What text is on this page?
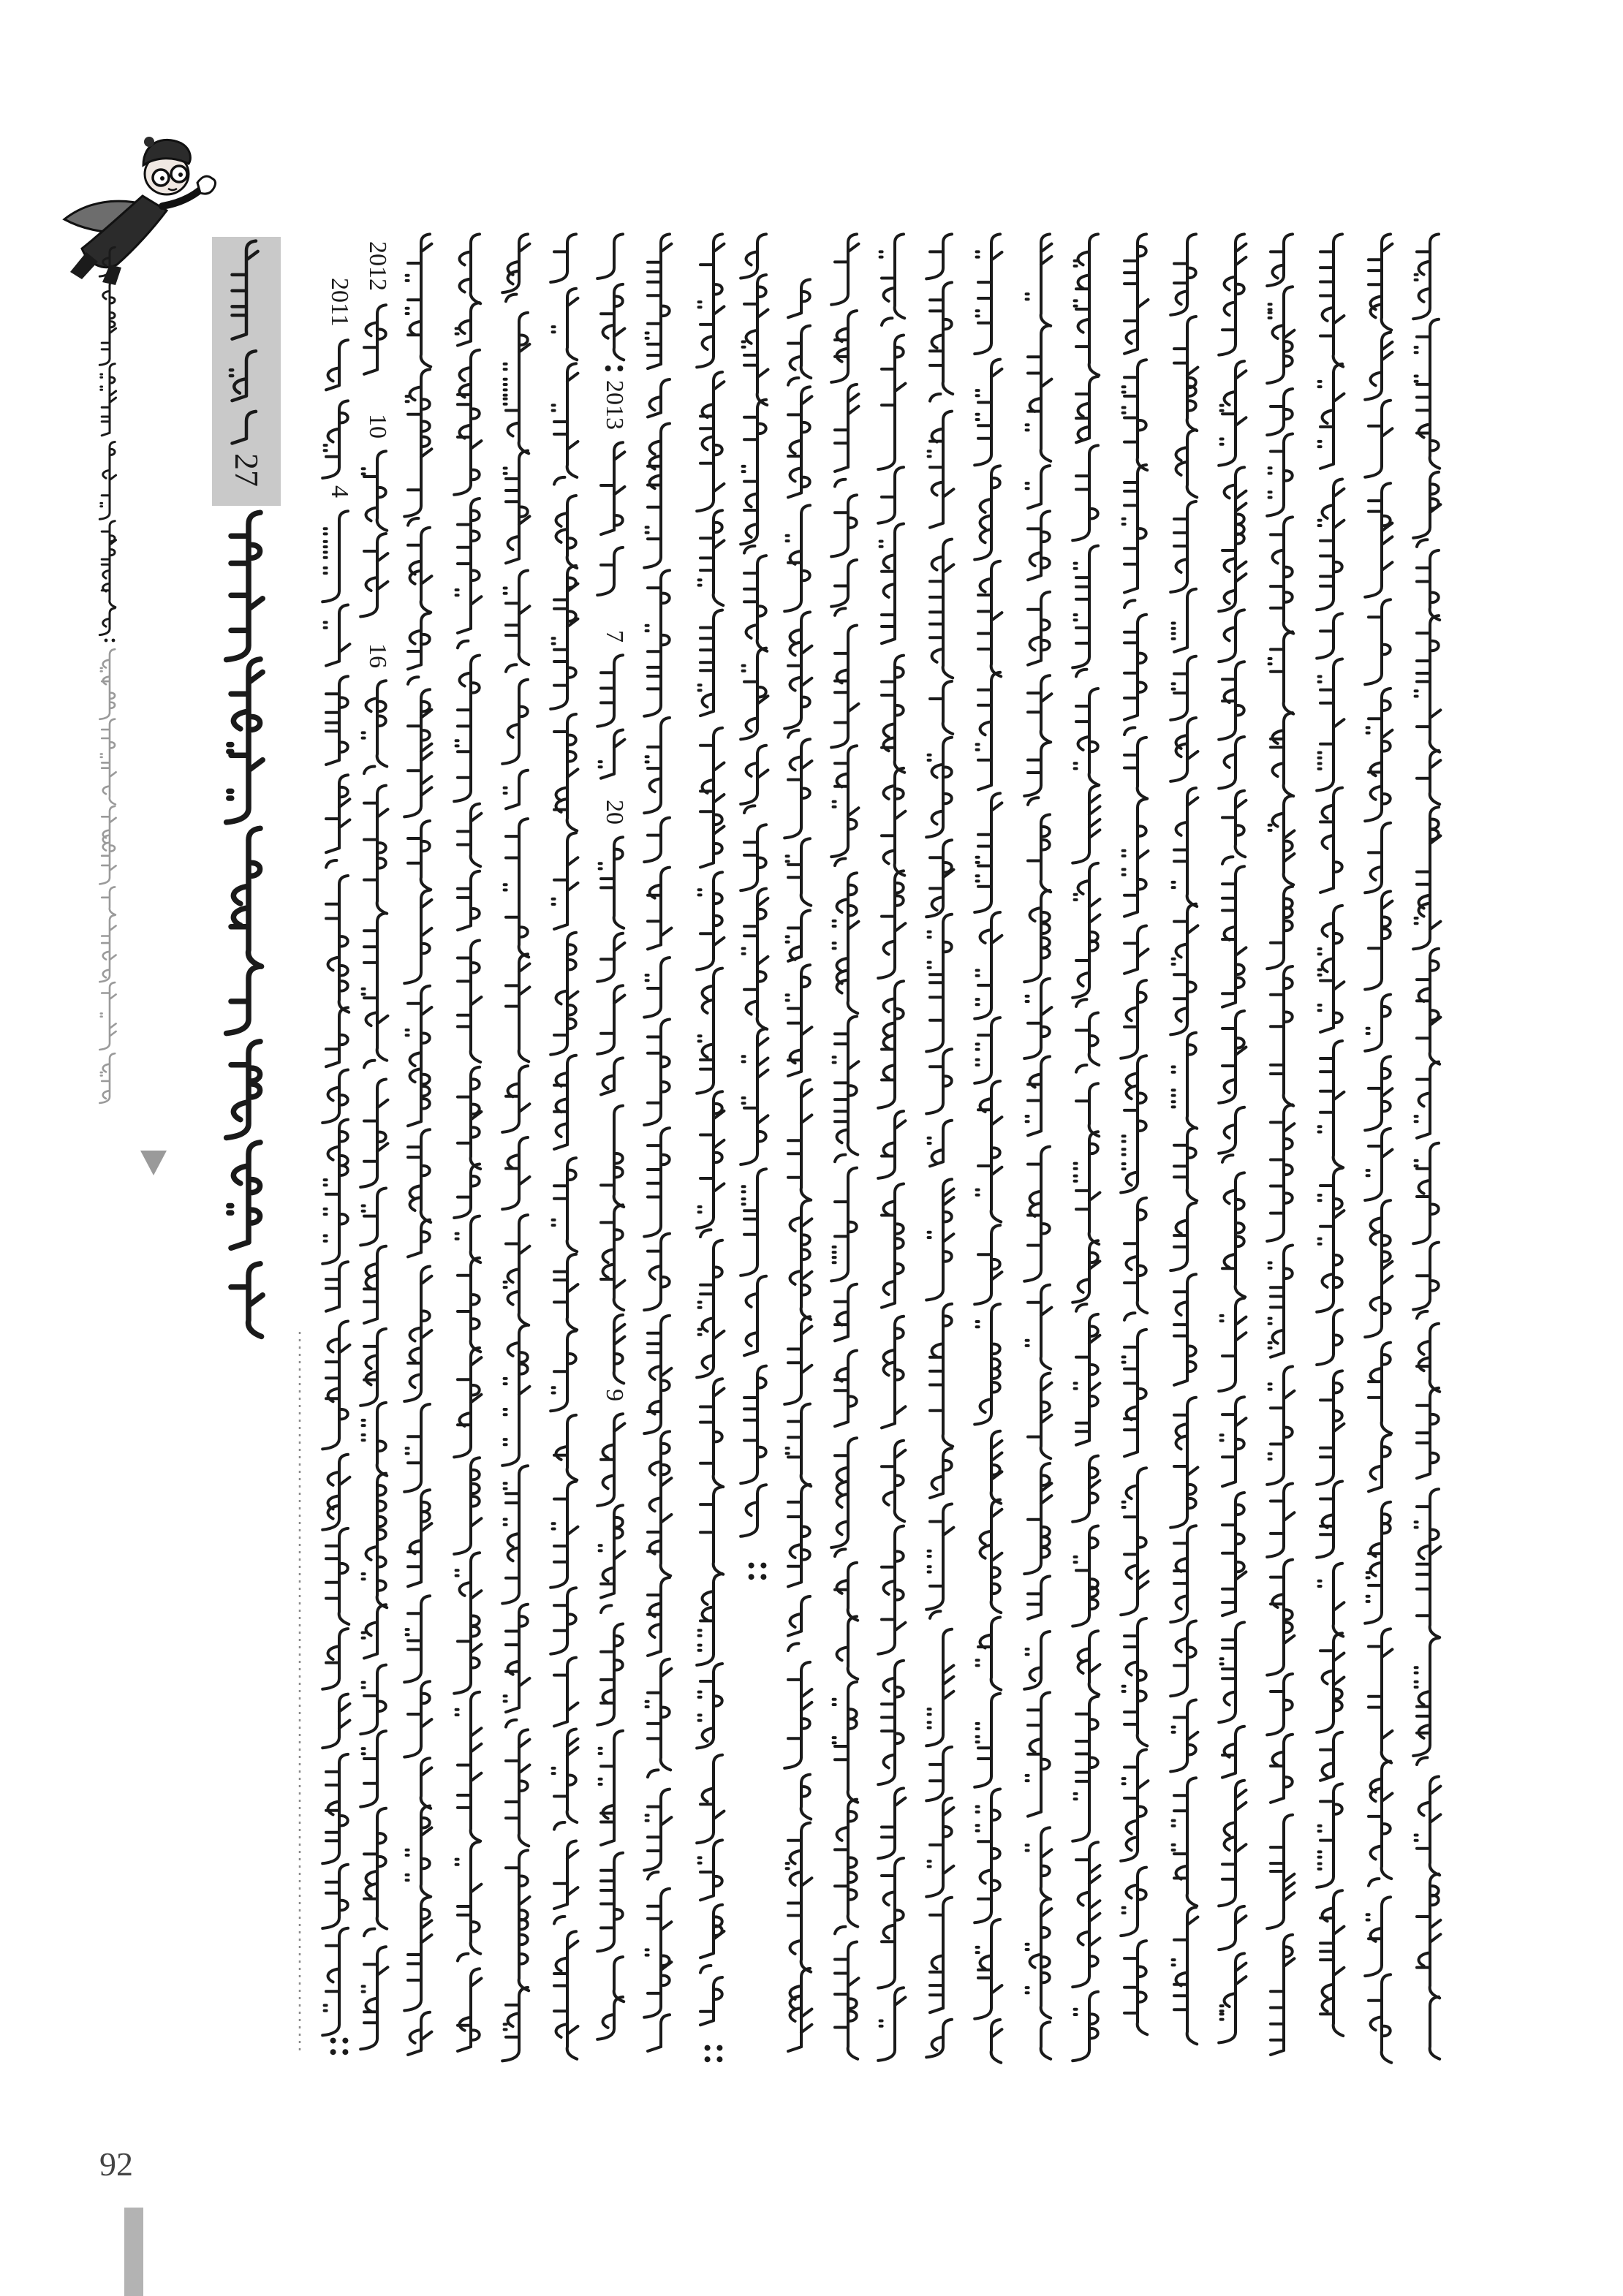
27
2011
4
2012
10
16
2013
7
20
9
92
